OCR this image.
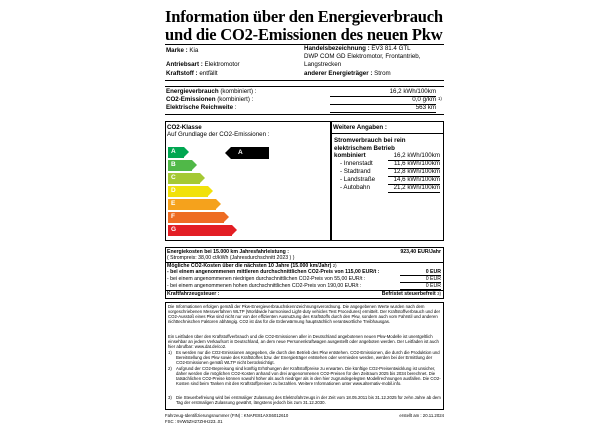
Information über den Energieverbrauch
und die CO2-Emissionen des neuen Pkw
Marke : Kia
Antriebsart : Elektromotor
Kraftstoff : entfällt
Handelsbezeichnung : EV3 81.4 GTL
DWP COM GD Elektromotor, Frontantrieb,
Langstrecken
anderer Energieträger : Strom
Energieverbrauch (kombiniert) :	16,2 kWh/100km
CO2-Emissionen (kombiniert) :	0,0 g/km 1)
Elektrische Reichweite :	563 km
CO2-Klasse
Auf Grundlage der CO2-Emissionen :
A
B
C
D
E
F
G
A
Weitere Angaben :
Stromverbrauch bei rein
elektrischem Betrieb
kombiniert	16,2 kWh/100km
- Innenstadt	11,6 kWh/100km
- Stadtrand	12,8 kWh/100km
- Landstraße	14,6 kWh/100km
- Autobahn	21,2 kWh/100km
Energiekosten bei 15.000 km Jahresfahrleistung :	923,40 EUR/Jahr
( Strompreis: 38,00 ct/kWh (Jahresdurchschnitt 2023 ) )
Mögliche CO2-Kosten über die nächsten 10 Jahre (15.000 km/Jahr) 2)
- bei einem angenommenen mittleren durchschnittlichen CO2-Preis von 115,00 EUR/t :	0 EUR
- bei einem angenommenen niedrigen durchschnittlichen CO2-Preis von 55,00 EUR/t :	0 EUR
- bei einem angenommenen hohen durchschnittlichen CO2-Preis von 190,00 EUR/t :	0 EUR
Kraftfahrzeugsteuer :	Befristet steuerbefreit 3)
Die Informationen erfolgen gemäß der Pkw-Energieverbrauchskennzeichnungsverordnung. Die angegebenen Werte wurden nach dem vorgeschriebenen Messverfahren WLTP (Worldwide harmonised Light-duty vehicles Test Procedures) ermittelt. Der Kraftstoffverbrauch und der CO2-Ausstoß eines Pkw sind nicht nur von der effizienten Ausnutzung des Kraftstoffs durch den Pkw, sondern auch vom Fahrstil und anderen nichttechnischen Faktoren abhängig. CO2 ist das für die Erderwärmung hauptsächlich verantwortliche Treibhausgas.
Ein Leitfaden über den Kraftstoffverbrauch und die CO2-Emissionen aller in Deutschland angebotenen neuen Pkw-Modelle ist unentgeltlich einsehbar an jedem Verkaufsort in Deutschland, an dem neue Personenkraftwagen ausgestellt oder angeboten werden. Der Leitfaden ist auch hier abrufbar: www.dat.de/co2.
1) Es werden nur die CO2-Emissionen angegeben, die durch den Betrieb des Pkw entstehen. CO2-Emissionen, die durch die Produktion und Bereitstellung des Pkw sowie des Kraftstoffes bzw. der Energieträger entstehen oder vermieden werden, werden bei der Ermittlung der CO2-Emissionen gemäß WLTP nicht berücksichtigt.
2) Aufgrund der CO2-Bepreisung sind künftig Erhöhungen der Kraftstoffpreise zu erwarten. Die künftige CO2-Preisentwicklung ist unsicher, daher werden die möglichen CO2-Kosten anhand von drei angenommenen CO2-Preisen für den Zeitraum 2025 bis 2034 berechnet. Die tatsächlichen CO2-Preise können sowohl höher als auch niedriger als in den hier zugrundegelegten Modellrechnungen ausfallen. Die CO2-Kosten sind beim Tanken mit den Kraftstoffpreisen zu bezahlen. Weitere Informationen unter www.alternativ-mobil.info.
3) Die Steuerbefreiung wird bei erstmaliger Zulassung des Elektrofahrzeugs in der Zeit vom 18.05.2011 bis 31.12.2025 für zehn Jahre ab dem Tag der erstmaligen Zulassung gewährt, längstens jedoch bis zum 31.12.2030.
Fahrzeug-Identifizierungsnummer (FIN) : KNAFE81AXS6012610
FSC : 9VW5ZH27ZHH223..01
erstellt am : 20.11.2024
